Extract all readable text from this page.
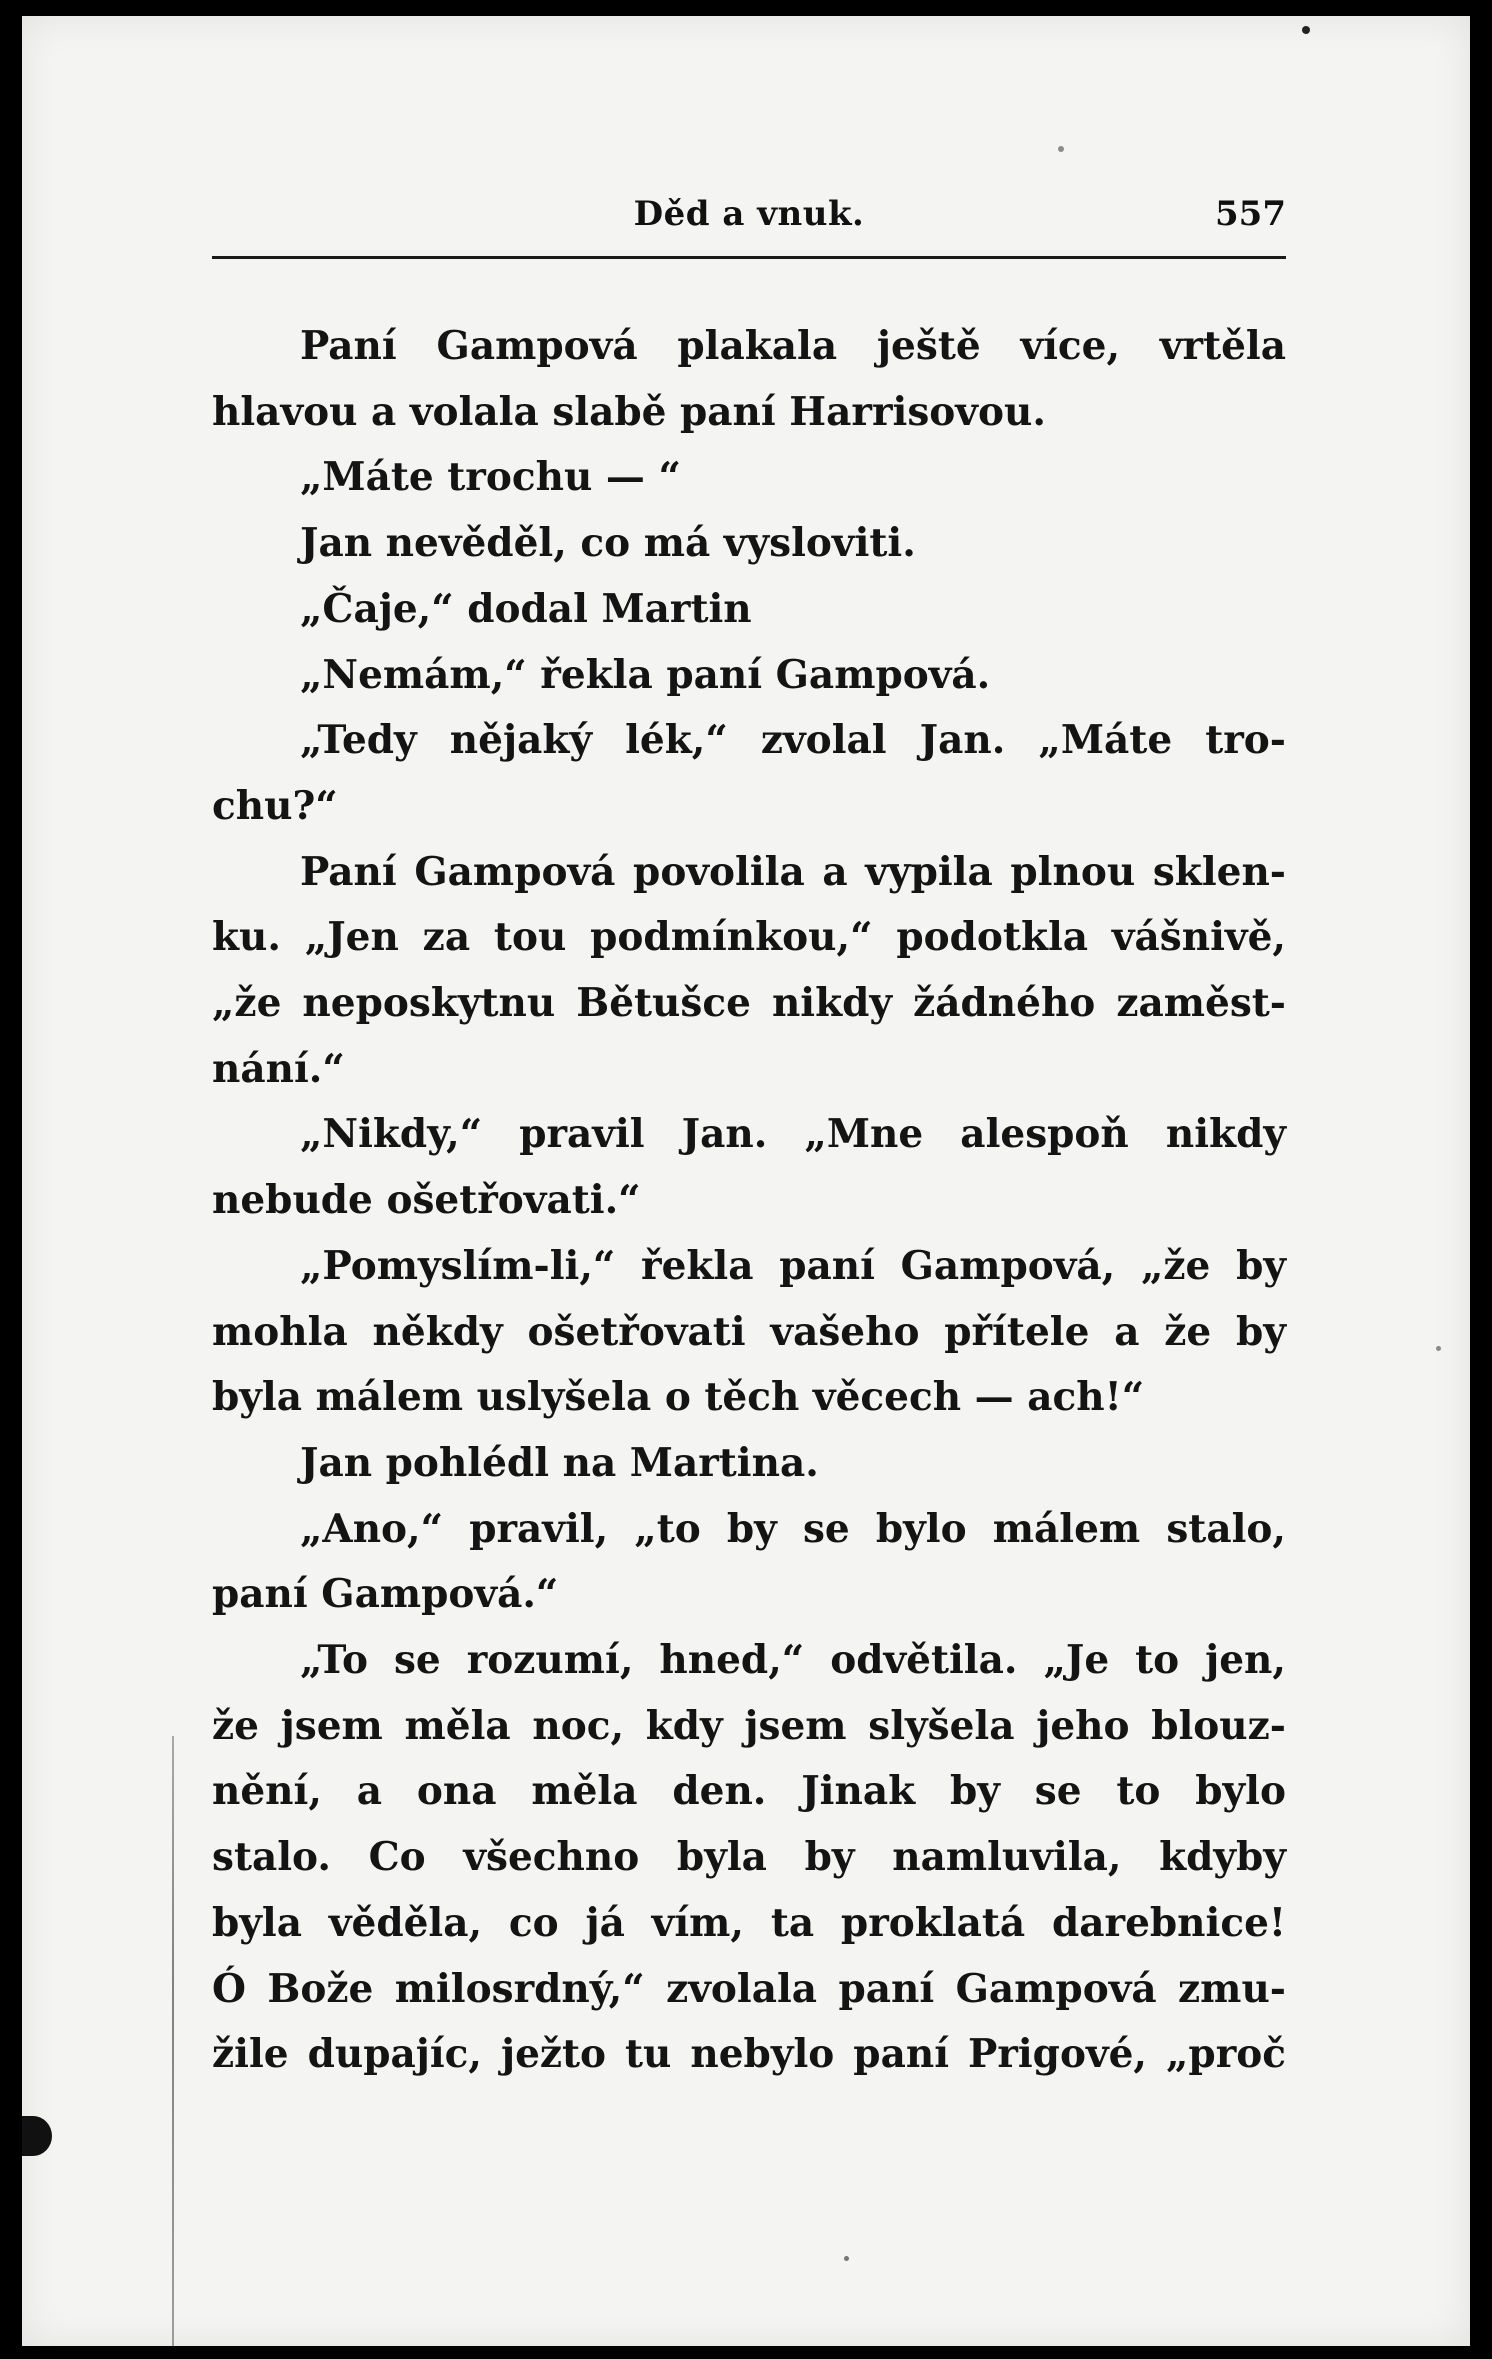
Děd a vnuk.	557
Paní Gampová plakala ještě více, vrtěla
hlavou a volala slabě paní Harrisovou.
„Máte trochu — “
Jan nevěděl, co má vysloviti.
„Čaje,“ dodal Martin
„Nemám,“ řekla paní Gampová.
„Tedy nějaký lék,“ zvolal Jan. „Máte tro-
chu?“
Paní Gampová povolila a vypila plnou sklen-
ku. „Jen za tou podmínkou,“ podotkla vášnivě,
„že neposkytnu Bětušce nikdy žádného zaměst-
nání.“
„Nikdy,“ pravil Jan. „Mne alespoň nikdy
nebude ošetřovati.“
„Pomyslím-li,“ řekla paní Gampová, „že by
mohla někdy ošetřovati vašeho přítele a že by
byla málem uslyšela o těch věcech — ach!“
Jan pohlédl na Martina.
„Ano,“ pravil, „to by se bylo málem stalo,
paní Gampová.“
„To se rozumí, hned,“ odvětila. „Je to jen,
že jsem měla noc, kdy jsem slyšela jeho blouz-
nění, a ona měla den. Jinak by se to bylo
stalo. Co všechno byla by namluvila, kdyby
byla věděla, co já vím, ta proklatá darebnice!
Ó Bože milosrdný,“ zvolala paní Gampová zmu-
žile dupajíc, ježto tu nebylo paní Prigové, „proč
